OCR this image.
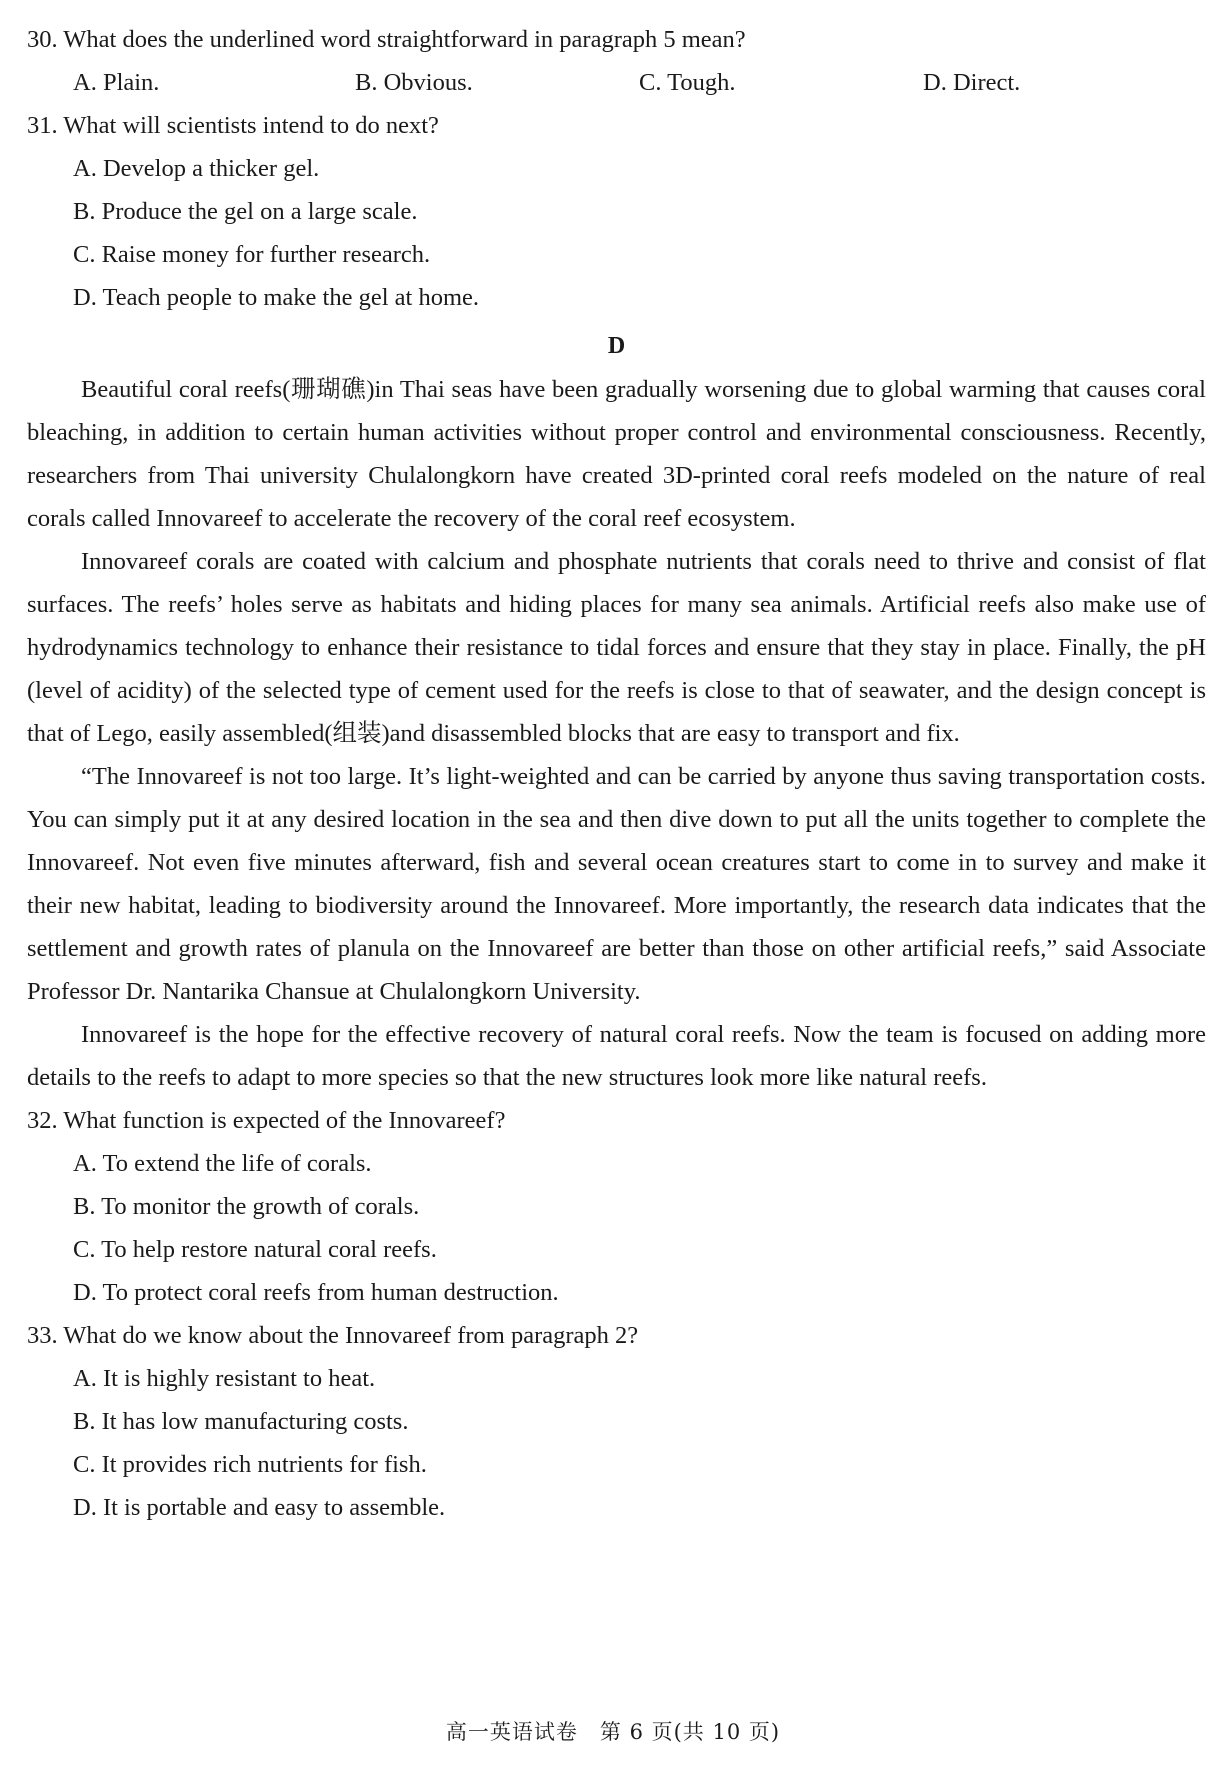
30. What does the underlined word straightforward in paragraph 5 mean?
A. Plain.	B. Obvious.	C. Tough.	D. Direct.
31. What will scientists intend to do next?
A. Develop a thicker gel.
B. Produce the gel on a large scale.
C. Raise money for further research.
D. Teach people to make the gel at home.
D

Beautiful coral reefs(珊瑚礁)in Thai seas have been gradually worsening due to global warming that causes coral bleaching, in addition to certain human activities without proper control and environmental consciousness. Recently, researchers from Thai university Chulalongkorn have created 3D-printed coral reefs modeled on the nature of real corals called Innovareef to accelerate the recovery of the coral reef ecosystem.

Innovareef corals are coated with calcium and phosphate nutrients that corals need to thrive and consist of flat surfaces. The reefs’ holes serve as habitats and hiding places for many sea animals. Artificial reefs also make use of hydrodynamics technology to enhance their resistance to tidal forces and ensure that they stay in place. Finally, the pH (level of acidity) of the selected type of cement used for the reefs is close to that of seawater, and the design concept is that of Lego, easily assembled(组装)and disassembled blocks that are easy to transport and fix.

“The Innovareef is not too large. It’s light-weighted and can be carried by anyone thus saving transportation costs. You can simply put it at any desired location in the sea and then dive down to put all the units together to complete the Innovareef. Not even five minutes afterward, fish and several ocean creatures start to come in to survey and make it their new habitat, leading to biodiversity around the Innovareef. More importantly, the research data indicates that the settlement and growth rates of planula on the Innovareef are better than those on other artificial reefs,” said Associate Professor Dr. Nantarika Chansue at Chulalongkorn University.

Innovareef is the hope for the effective recovery of natural coral reefs. Now the team is focused on adding more details to the reefs to adapt to more species so that the new structures look more like natural reefs.

32. What function is expected of the Innovareef?
A. To extend the life of corals.
B. To monitor the growth of corals.
C. To help restore natural coral reefs.
D. To protect coral reefs from human destruction.
33. What do we know about the Innovareef from paragraph 2?
A. It is highly resistant to heat.
B. It has low manufacturing costs.
C. It provides rich nutrients for fish.
D. It is portable and easy to assemble.
高一英语试卷　第 6 页(共 10 页)
